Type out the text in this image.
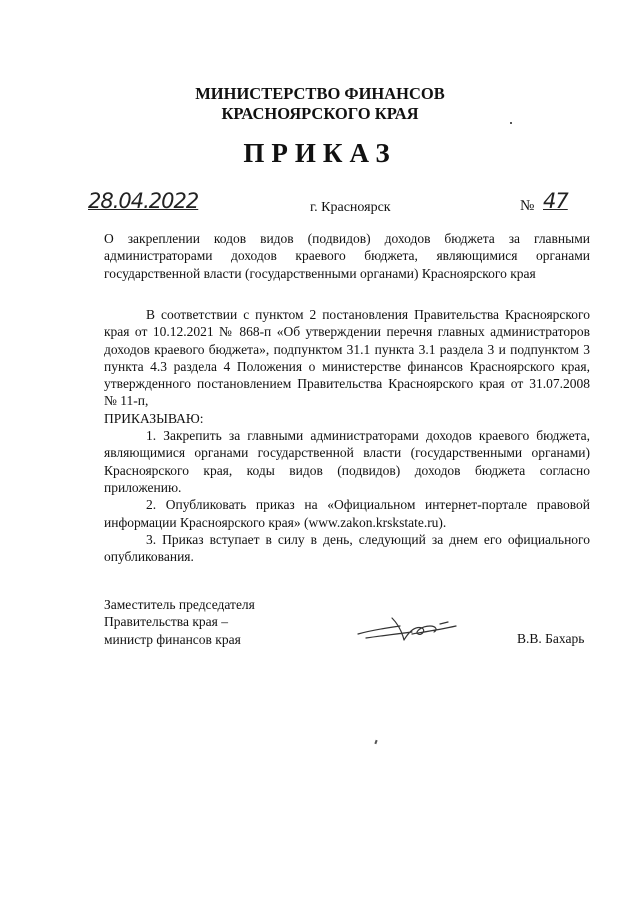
МИНИСТЕРСТВО ФИНАНСОВ
КРАСНОЯРСКОГО КРАЯ
ПРИКАЗ
28.04.2022	г. Красноярск	№ 47
О закреплении кодов видов (подвидов) доходов бюджета за главными администраторами доходов краевого бюджета, являющимися органами государственной власти (государственными органами) Красноярского края

В соответствии с пунктом 2 постановления Правительства Красноярского края от 10.12.2021 № 868-п «Об утверждении перечня главных администраторов доходов краевого бюджета», подпунктом 31.1 пункта 3.1 раздела 3 и подпунктом 3 пункта 4.3 раздела 4 Положения о министерстве финансов Красноярского края, утвержденного постановлением Правительства Красноярского края от 31.07.2008 № 11-п,

ПРИКАЗЫВАЮ:

1. Закрепить за главными администраторами доходов краевого бюджета, являющимися органами государственной власти (государственными органами) Красноярского края, коды видов (подвидов) доходов бюджета согласно приложению.

2. Опубликовать приказ на «Официальном интернет-портале правовой информации Красноярского края» (www.zakon.krskstate.ru).

3. Приказ вступает в силу в день, следующий за днем его официального опубликования.

Заместитель председателя
Правительства края –
министр финансов края	В.В. Бахарь
